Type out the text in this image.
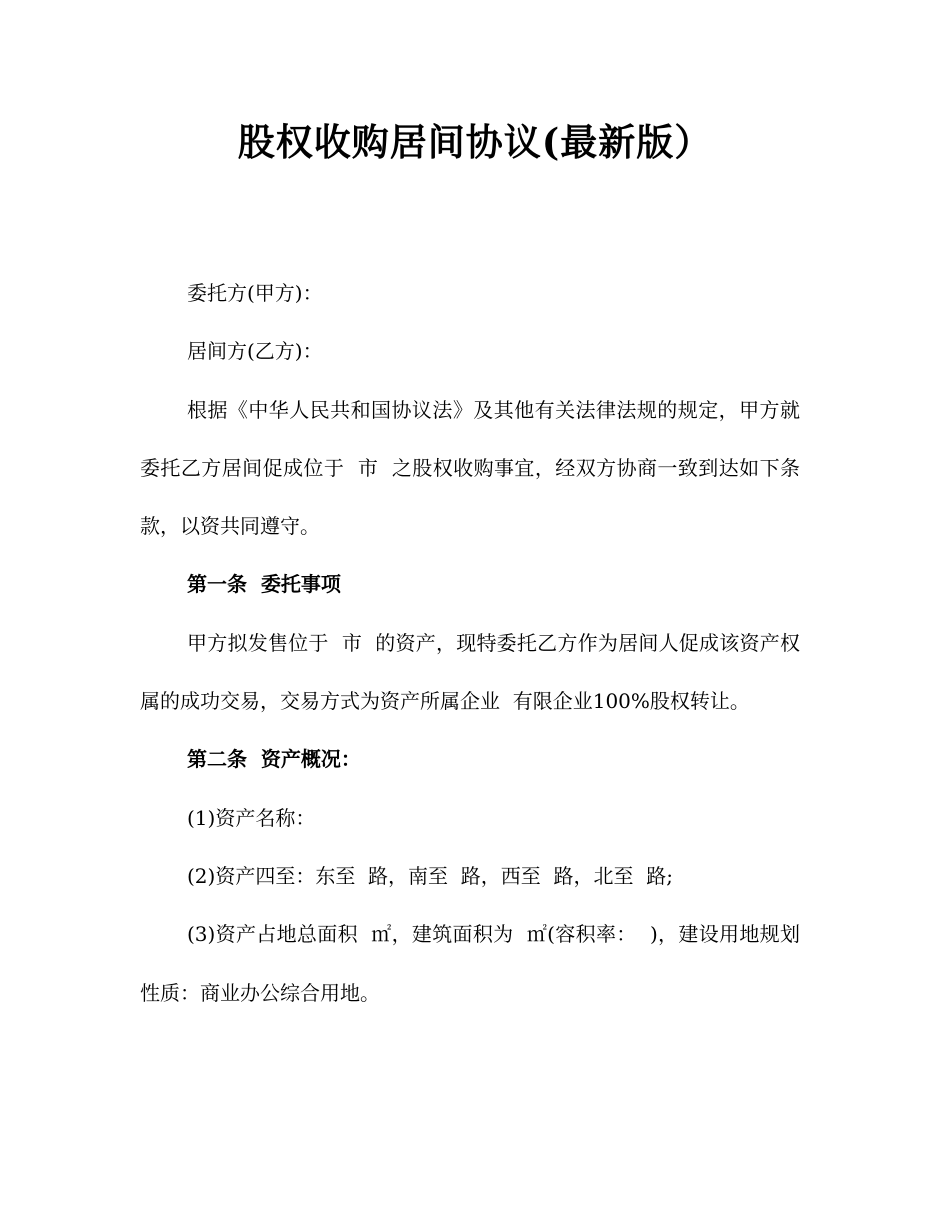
股权收购居间协议(最新版）

委托方(甲方)：

居间方(乙方)：

根据《中华人民共和国协议法》及其他有关法律法规的规定，甲方就委托乙方居间促成位于  市  之股权收购事宜，经双方协商一致到达如下条款，以资共同遵守。

第一条  委托事项

甲方拟发售位于  市  的资产，现特委托乙方作为居间人促成该资产权属的成功交易，交易方式为资产所属企业  有限企业100%股权转让。

第二条  资产概况：

(1)资产名称：

(2)资产四至：东至  路，南至  路，西至  路，北至  路;

(3)资产占地总面积  ㎡，建筑面积为  ㎡(容积率：  )，建设用地规划性质：商业办公综合用地。
